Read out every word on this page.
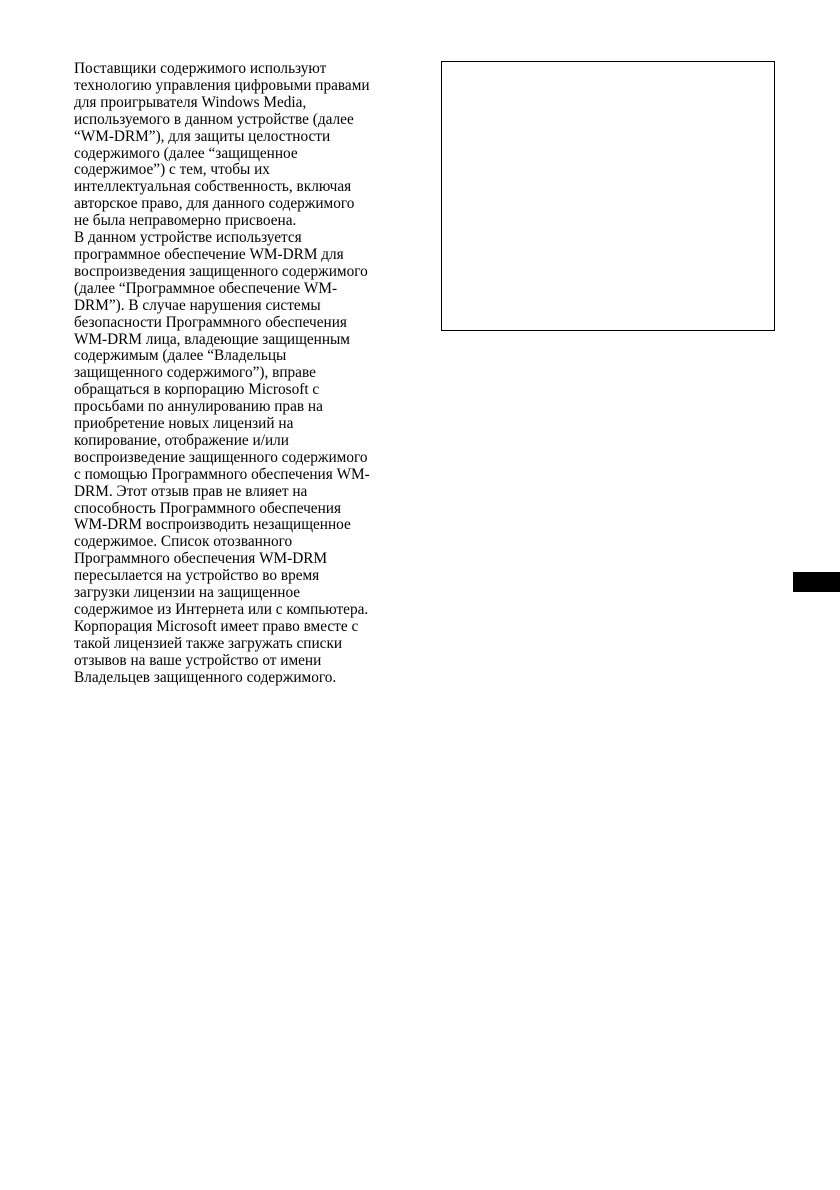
Поставщики содержимого используют
технологию управления цифровыми правами
для проигрывателя Windows Media,
используемого в данном устройстве (далее
“WM-DRM”), для защиты целостности
содержимого (далее “защищенное
содержимое”) с тем, чтобы их
интеллектуальная собственность, включая
авторское право, для данного содержимого
не была неправомерно присвоена.

В данном устройстве используется
программное обеспечение WM-DRM для
воспроизведения защищенного содержимого
(далее “Программное обеспечение WM-
DRM”). В случае нарушения системы
безопасности Программного обеспечения
WM-DRM лица, владеющие защищенным
содержимым (далее “Владельцы
защищенного содержимого”), вправе
обращаться в корпорацию Microsoft с
просьбами по аннулированию прав на
приобретение новых лицензий на
копирование, отображение и/или
воспроизведение защищенного содержимого
с помощью Программного обеспечения WM-
DRM. Этот отзыв прав не влияет на
способность Программного обеспечения
WM-DRM воспроизводить незащищенное
содержимое. Список отозванного
Программного обеспечения WM-DRM
пересылается на устройство во время
загрузки лицензии на защищенное
содержимое из Интернета или с компьютера.
Корпорация Microsoft имеет право вместе с
такой лицензией также загружать списки
отзывов на ваше устройство от имени
Владельцев защищенного содержимого.
